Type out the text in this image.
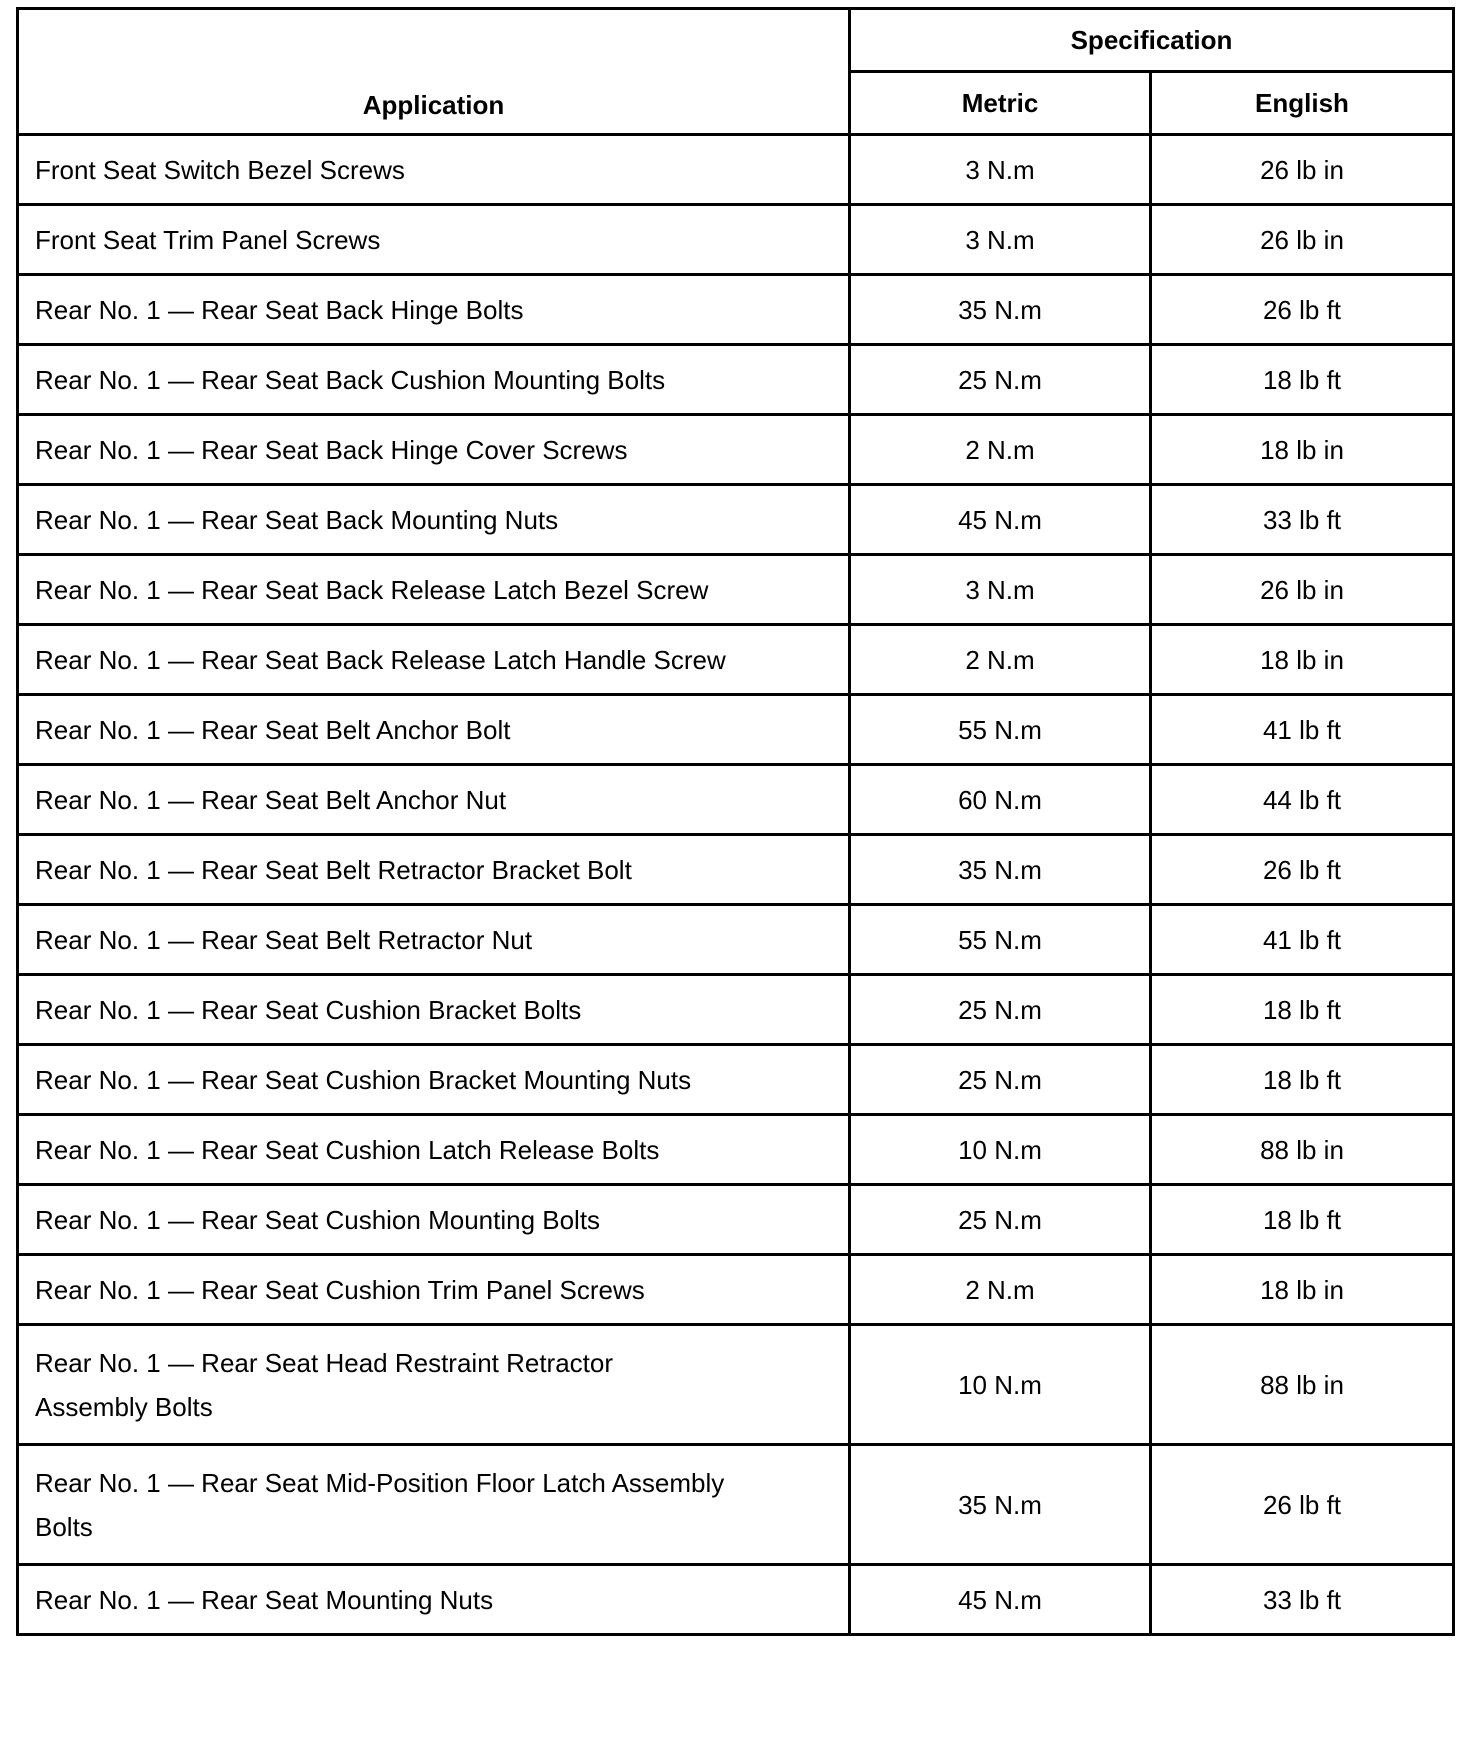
Application	Specification	
	Metric	English
Front Seat Switch Bezel Screws	3 N.m	26 lb in
Front Seat Trim Panel Screws	3 N.m	26 lb in
Rear No. 1 — Rear Seat Back Hinge Bolts	35 N.m	26 lb ft
Rear No. 1 — Rear Seat Back Cushion Mounting Bolts	25 N.m	18 lb ft
Rear No. 1 — Rear Seat Back Hinge Cover Screws	2 N.m	18 lb in
Rear No. 1 — Rear Seat Back Mounting Nuts	45 N.m	33 lb ft
Rear No. 1 — Rear Seat Back Release Latch Bezel Screw	3 N.m	26 lb in
Rear No. 1 — Rear Seat Back Release Latch Handle Screw	2 N.m	18 lb in
Rear No. 1 — Rear Seat Belt Anchor Bolt	55 N.m	41 lb ft
Rear No. 1 — Rear Seat Belt Anchor Nut	60 N.m	44 lb ft
Rear No. 1 — Rear Seat Belt Retractor Bracket Bolt	35 N.m	26 lb ft
Rear No. 1 — Rear Seat Belt Retractor Nut	55 N.m	41 lb ft
Rear No. 1 — Rear Seat Cushion Bracket Bolts	25 N.m	18 lb ft
Rear No. 1 — Rear Seat Cushion Bracket Mounting Nuts	25 N.m	18 lb ft
Rear No. 1 — Rear Seat Cushion Latch Release Bolts	10 N.m	88 lb in
Rear No. 1 — Rear Seat Cushion Mounting Bolts	25 N.m	18 lb ft
Rear No. 1 — Rear Seat Cushion Trim Panel Screws	2 N.m	18 lb in
Rear No. 1 — Rear Seat Head Restraint Retractor Assembly Bolts	10 N.m	88 lb in
Rear No. 1 — Rear Seat Mid-Position Floor Latch Assembly Bolts	35 N.m	26 lb ft
Rear No. 1 — Rear Seat Mounting Nuts	45 N.m	33 lb ft
